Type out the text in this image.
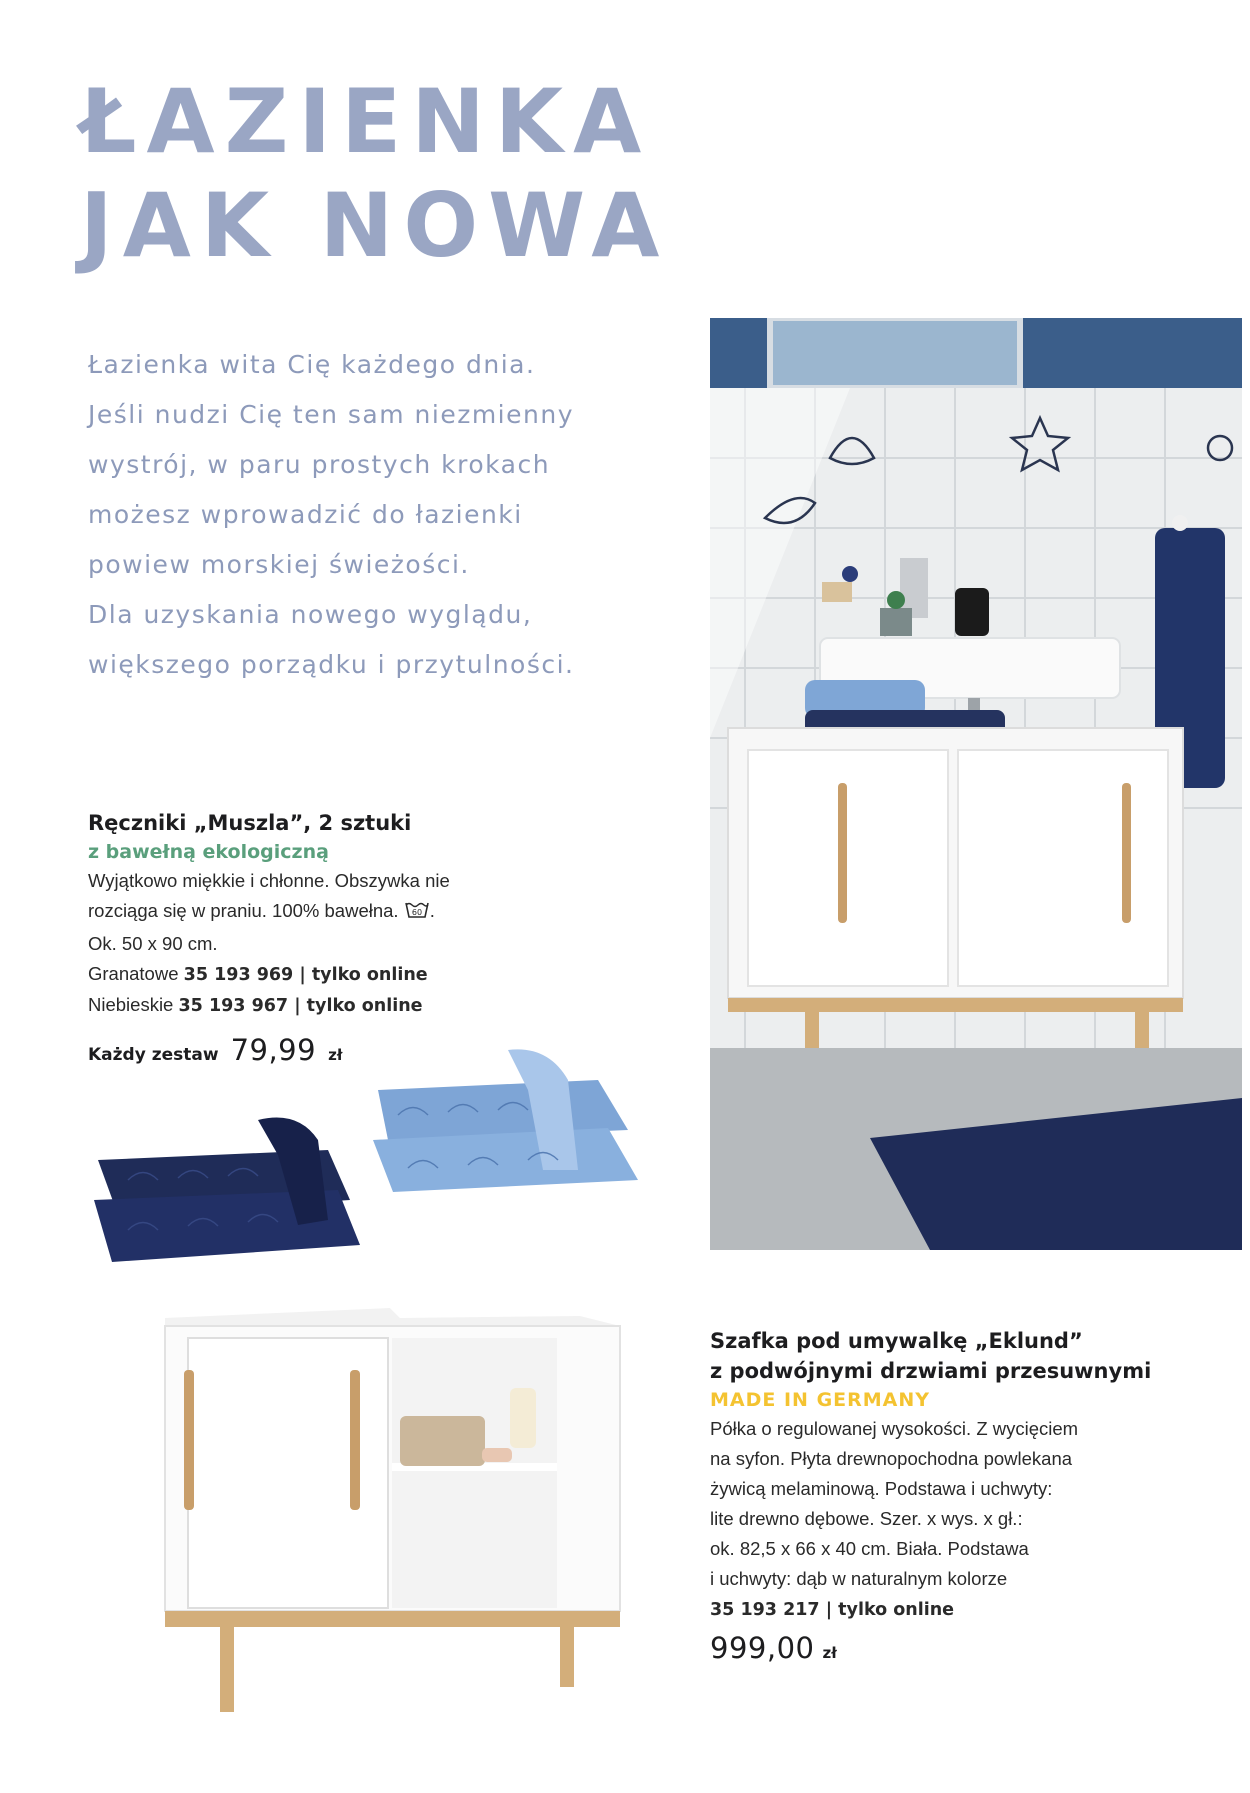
ŁAZIENKA
JAK NOWA
Łazienka wita Cię każdego dnia.
Jeśli nudzi Cię ten sam niezmienny
wystrój, w paru prostych krokach
możesz wprowadzić do łazienki
powiew morskiej świeżości.
Dla uzyskania nowego wyglądu,
większego porządku i przytulności.
Ręczniki „Muszla”, 2 sztuki
z bawełną ekologiczną
Wyjątkowo miękkie i chłonne. Obszywka nie
rozciąga się w praniu. 100% bawełna. 60 .
Ok. 50 x 90 cm.
Granatowe 35 193 969 | tylko online
Niebieskie 35 193 967 | tylko online
Każdy zestaw 79,99 zł
Szafka pod umywalkę „Eklund”
z podwójnymi drzwiami przesuwnymi
MADE IN GERMANY
Półka o regulowanej wysokości. Z wycięciem
na syfon. Płyta drewnopochodna powlekana
żywicą melaminową. Podstawa i uchwyty:
lite drewno dębowe. Szer. x wys. x gł.:
ok. 82,5 x 66 x 40 cm. Biała. Podstawa
i uchwyty: dąb w naturalnym kolorze
35 193 217 | tylko online
999,00 zł
